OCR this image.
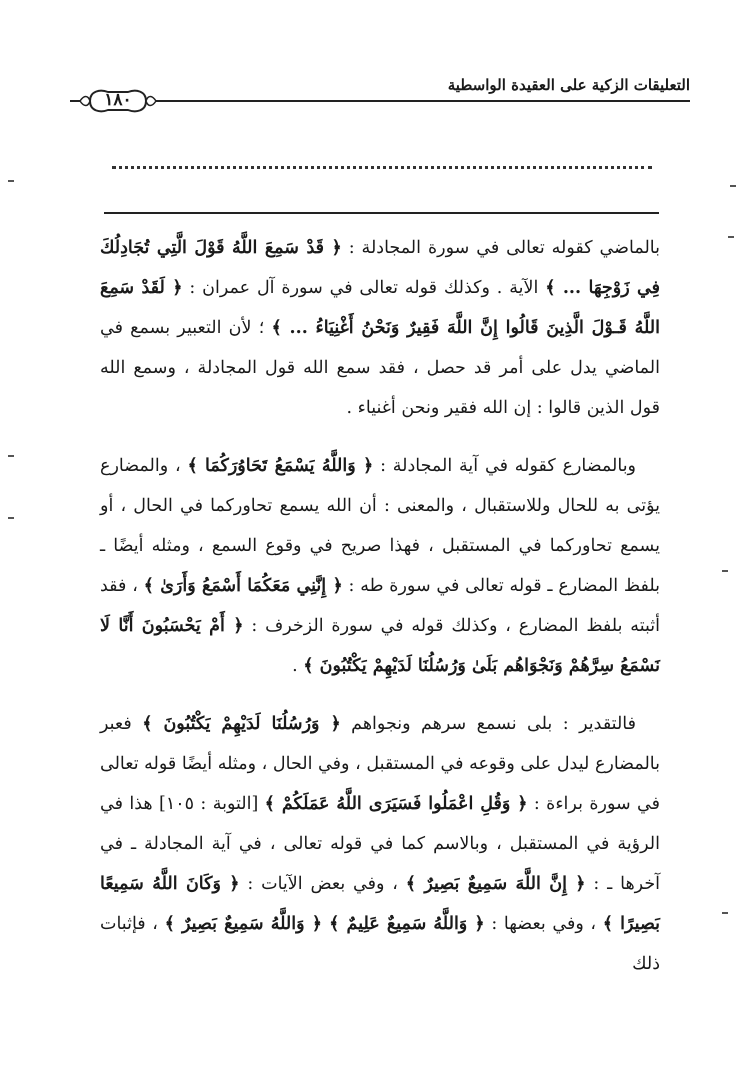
التعليقات الزكية على العقيدة الواسطية
١٨٠

بالماضي كقوله تعالى في سورة المجادلة : ﴿ قَدْ سَمِعَ اللَّهُ قَوْلَ الَّتِي تُجَادِلُكَ فِي زَوْجِهَا ... ﴾ الآية . وكذلك قوله تعالى في سورة آل عمران : ﴿ لَقَدْ سَمِعَ اللَّهُ قَـوْلَ الَّذِينَ قَالُوا إِنَّ اللَّهَ فَقِيرٌ وَنَحْنُ أَغْنِيَاءُ ... ﴾ ؛ لأن التعبير بسمع في الماضي يدل على أمر قد حصل ، فقد سمع الله قول المجادلة ، وسمع الله قول الذين قالوا : إن الله فقير ونحن أغنياء .

وبالمضارع كقوله في آية المجادلة : ﴿ وَاللَّهُ يَسْمَعُ تَحَاوُرَكُمَا ﴾ ، والمضارع يؤتى به للحال وللاستقبال ، والمعنى : أن الله يسمع تحاوركما في الحال ، أو يسمع تحاوركما في المستقبل ، فهذا صريح في وقوع السمع ، ومثله أيضًا ـ بلفظ المضارع ـ قوله تعالى في سورة طه : ﴿ إِنَّنِي مَعَكُمَا أَسْمَعُ وَأَرَىٰ ﴾ ، فقد أثبته بلفظ المضارع ، وكذلك قوله في سورة الزخرف : ﴿ أَمْ يَحْسَبُونَ أَنَّا لَا نَسْمَعُ سِرَّهُمْ وَنَجْوَاهُم بَلَىٰ وَرُسُلُنَا لَدَيْهِمْ يَكْتُبُونَ ﴾ .

فالتقدير : بلى نسمع سرهم ونجواهم ﴿ وَرُسُلُنَا لَدَيْهِمْ يَكْتُبُونَ ﴾ فعبر بالمضارع ليدل على وقوعه في المستقبل ، وفي الحال ، ومثله أيضًا قوله تعالى في سورة براءة : ﴿ وَقُلِ اعْمَلُوا فَسَيَرَى اللَّهُ عَمَلَكُمْ ﴾ [التوبة : ١٠٥] هذا في الرؤية في المستقبل ، وبالاسم كما في قوله تعالى ، في آية المجادلة ـ في آخرها ـ : ﴿ إِنَّ اللَّهَ سَمِيعٌ بَصِيرٌ ﴾ ، وفي بعض الآيات : ﴿ وَكَانَ اللَّهُ سَمِيعًا بَصِيرًا ﴾ ، وفي بعضها : ﴿ وَاللَّهُ سَمِيعٌ عَلِيمٌ ﴾ ﴿ وَاللَّهُ سَمِيعٌ بَصِيرٌ ﴾ ، فإثبات ذلك
